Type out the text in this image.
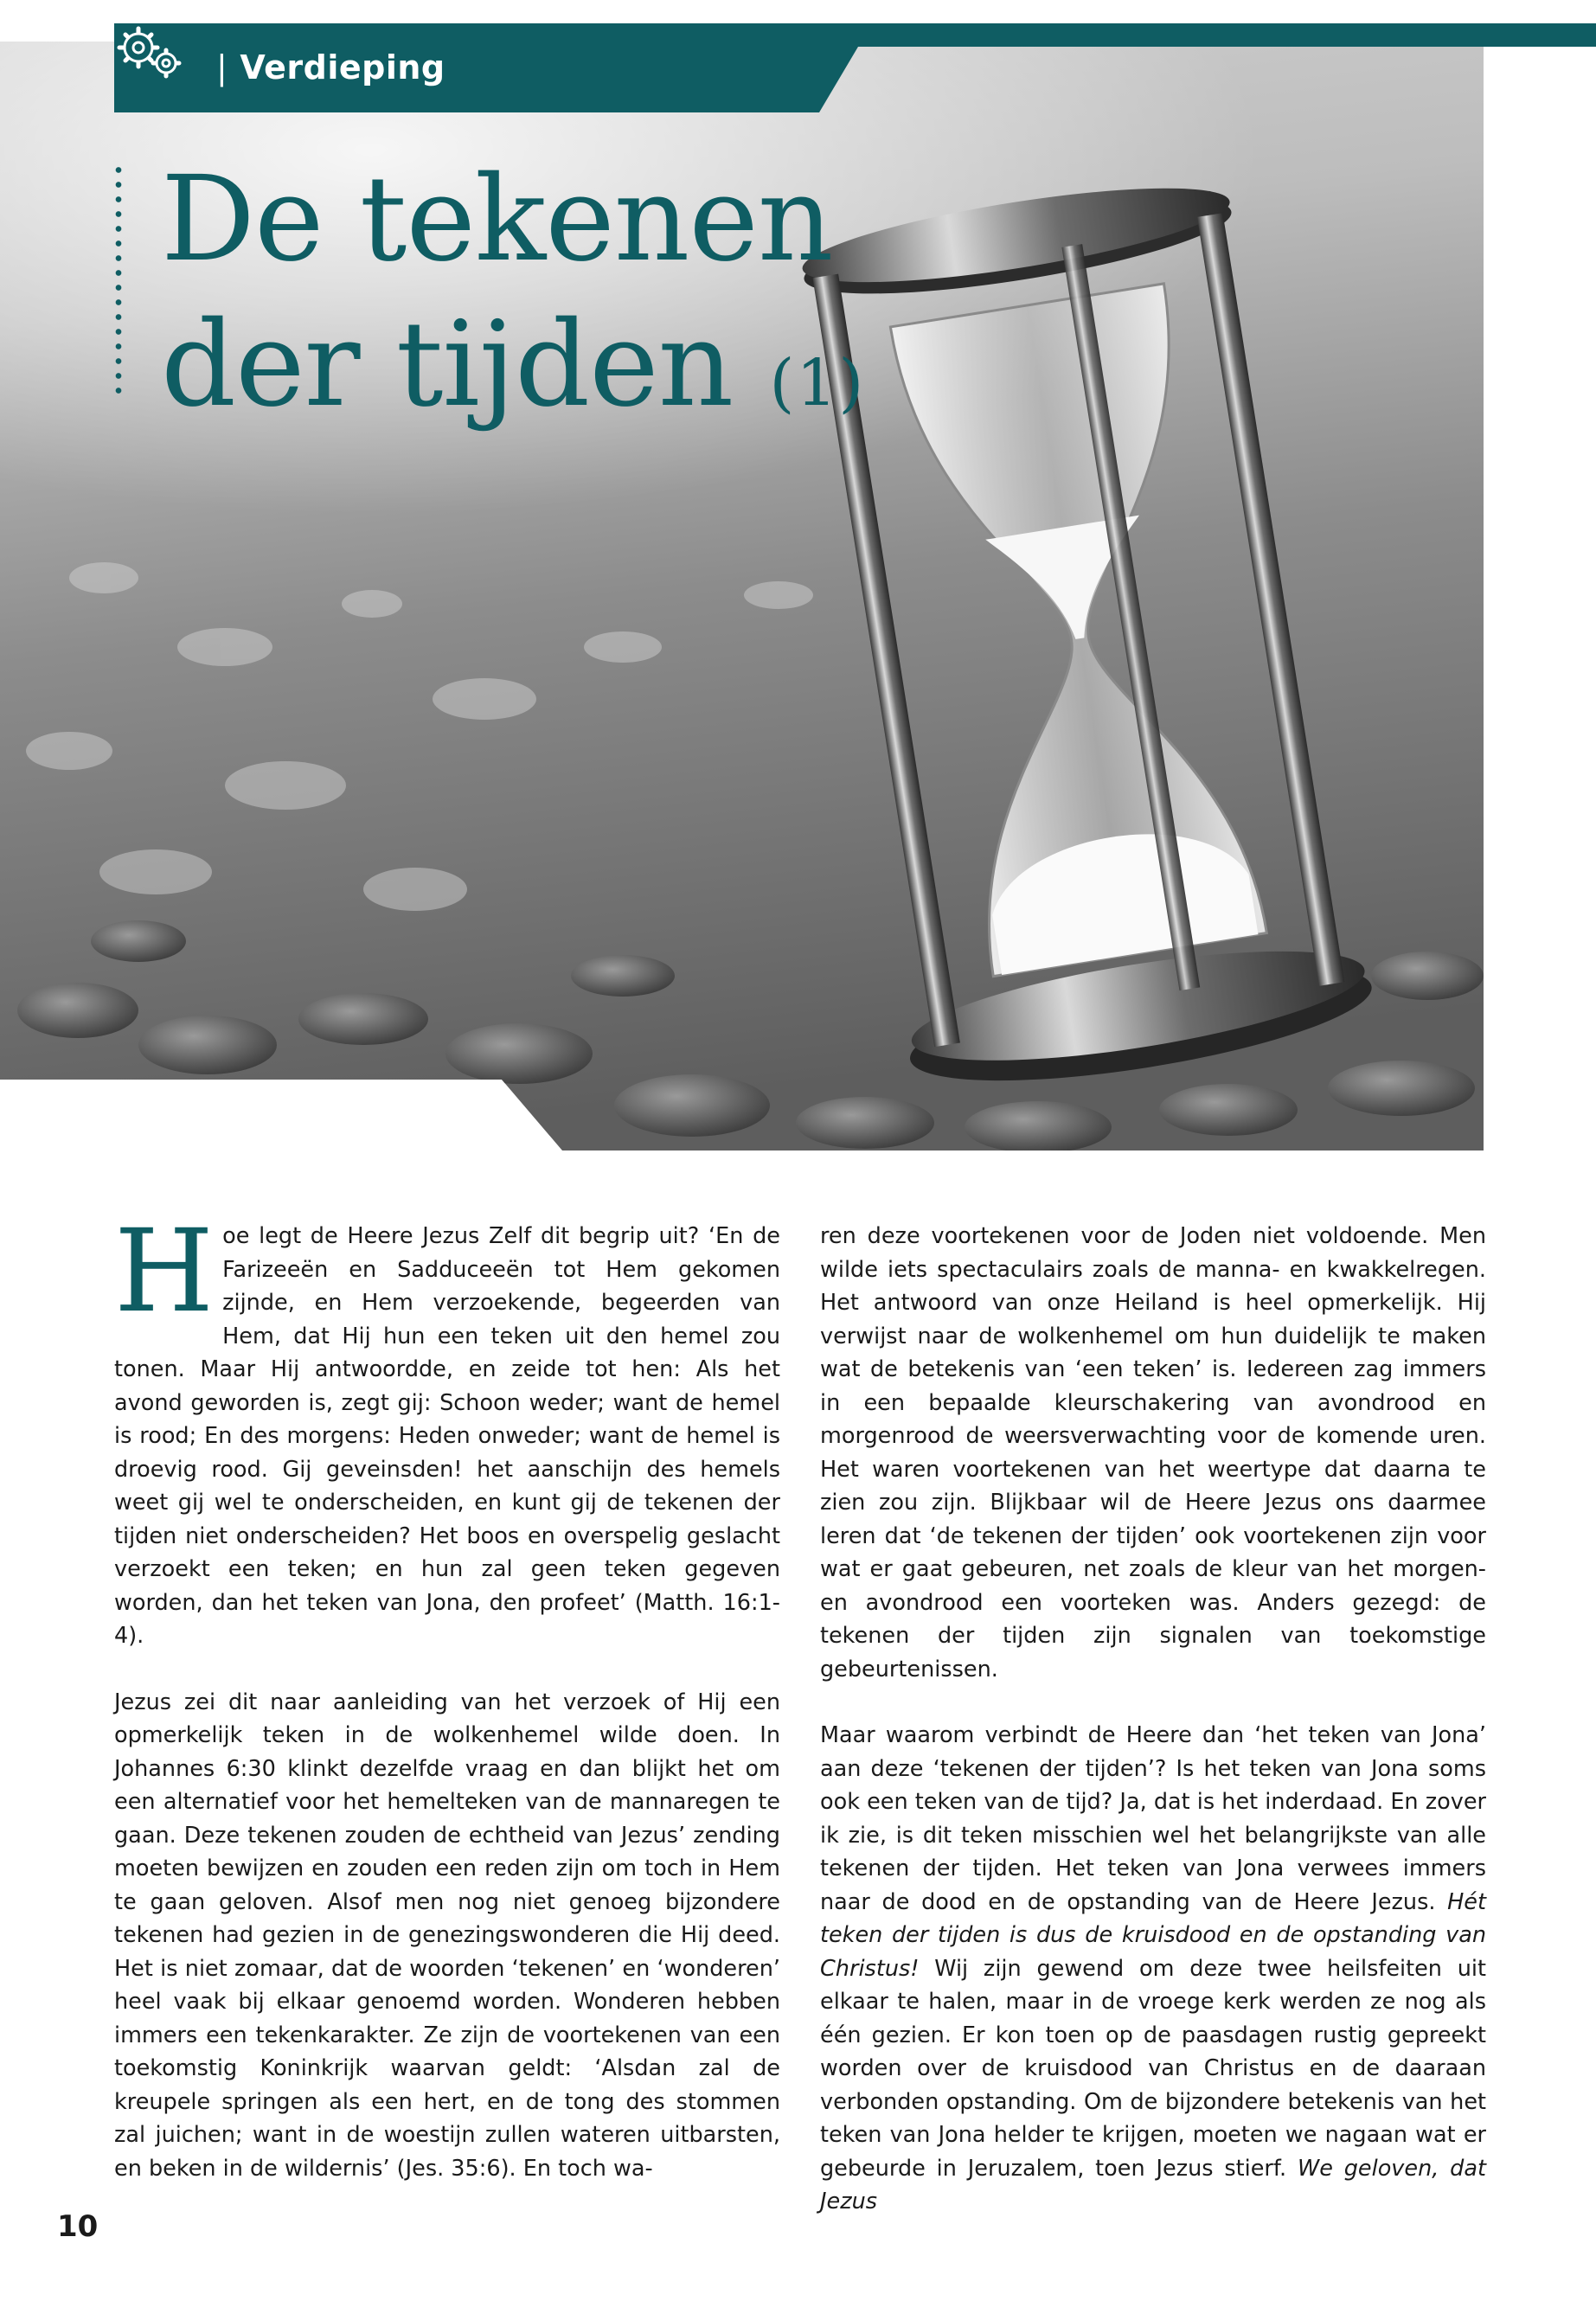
| Verdieping
De tekenen
der tijden (1)

Hoe legt de Heere Jezus Zelf dit begrip uit? ‘En de Farizeeën en Sadduceeën tot Hem gekomen zijnde, en Hem verzoekende, begeerden van Hem, dat Hij hun een teken uit den hemel zou tonen. Maar Hij antwoordde, en zeide tot hen: Als het avond geworden is, zegt gij: Schoon weder; want de hemel is rood; En des morgens: Heden onweder; want de hemel is droevig rood. Gij geveinsden! het aanschijn des hemels weet gij wel te onderscheiden, en kunt gij de tekenen der tijden niet onderscheiden? Het boos en overspelig geslacht verzoekt een teken; en hun zal geen teken gegeven worden, dan het teken van Jona, den profeet’ (Matth. 16:1-4).

Jezus zei dit naar aanleiding van het verzoek of Hij een opmerkelijk teken in de wolkenhemel wilde doen. In Johannes 6:30 klinkt dezelfde vraag en dan blijkt het om een alternatief voor het hemelteken van de mannaregen te gaan. Deze tekenen zouden de echtheid van Jezus’ zending moeten bewijzen en zouden een reden zijn om toch in Hem te gaan geloven. Alsof men nog niet genoeg bijzondere tekenen had gezien in de genezingswonderen die Hij deed. Het is niet zomaar, dat de woorden ‘tekenen’ en ‘wonderen’ heel vaak bij elkaar genoemd worden. Wonderen hebben immers een tekenkarakter. Ze zijn de voortekenen van een toekomstig Koninkrijk waarvan geldt: ‘Alsdan zal de kreupele springen als een hert, en de tong des stommen zal juichen; want in de woestijn zullen wateren uitbarsten, en beken in de wildernis’ (Jes. 35:6). En toch wa-

ren deze voortekenen voor de Joden niet voldoende. Men wilde iets spectaculairs zoals de manna- en kwakkelregen. Het antwoord van onze Heiland is heel opmerkelijk. Hij verwijst naar de wolkenhemel om hun duidelijk te maken wat de betekenis van ‘een teken’ is. Iedereen zag immers in een bepaalde kleurschakering van avondrood en morgenrood de weersverwachting voor de komende uren. Het waren voortekenen van het weertype dat daarna te zien zou zijn. Blijkbaar wil de Heere Jezus ons daarmee leren dat ‘de tekenen der tijden’ ook voortekenen zijn voor wat er gaat gebeuren, net zoals de kleur van het morgen- en avondrood een voorteken was. Anders gezegd: de tekenen der tijden zijn signalen van toekomstige gebeurtenissen.

Maar waarom verbindt de Heere dan ‘het teken van Jona’ aan deze ‘tekenen der tijden’? Is het teken van Jona soms ook een teken van de tijd? Ja, dat is het inderdaad. En zover ik zie, is dit teken misschien wel het belangrijkste van alle tekenen der tijden. Het teken van Jona verwees immers naar de dood en de opstanding van de Heere Jezus. Hét teken der tijden is dus de kruisdood en de opstanding van Christus! Wij zijn gewend om deze twee heilsfeiten uit elkaar te halen, maar in de vroege kerk werden ze nog als één gezien. Er kon toen op de paasdagen rustig gepreekt worden over de kruisdood van Christus en de daaraan verbonden opstanding. Om de bijzondere betekenis van het teken van Jona helder te krijgen, moeten we nagaan wat er gebeurde in Jeruzalem, toen Jezus stierf. We geloven, dat Jezus

10
